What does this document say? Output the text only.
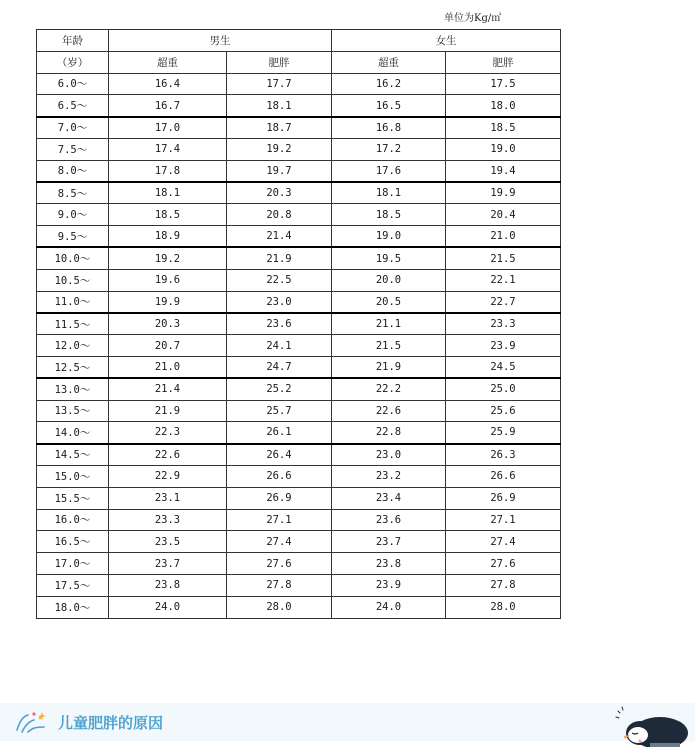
单位为Kg/㎡
年龄	男生		女生	
（岁）	超重	肥胖	超重	肥胖
6.0～	16.4	17.7	16.2	17.5
6.5～	16.7	18.1	16.5	18.0
7.0～	17.0	18.7	16.8	18.5
7.5～	17.4	19.2	17.2	19.0
8.0～	17.8	19.7	17.6	19.4
8.5～	18.1	20.3	18.1	19.9
9.0～	18.5	20.8	18.5	20.4
9.5～	18.9	21.4	19.0	21.0
10.0～	19.2	21.9	19.5	21.5
10.5～	19.6	22.5	20.0	22.1
11.0～	19.9	23.0	20.5	22.7
11.5～	20.3	23.6	21.1	23.3
12.0～	20.7	24.1	21.5	23.9
12.5～	21.0	24.7	21.9	24.5
13.0～	21.4	25.2	22.2	25.0
13.5～	21.9	25.7	22.6	25.6
14.0～	22.3	26.1	22.8	25.9
14.5～	22.6	26.4	23.0	26.3
15.0～	22.9	26.6	23.2	26.6
15.5～	23.1	26.9	23.4	26.9
16.0～	23.3	27.1	23.6	27.1
16.5～	23.5	27.4	23.7	27.4
17.0～	23.7	27.6	23.8	27.6
17.5～	23.8	27.8	23.9	27.8
18.0～	24.0	28.0	24.0	28.0
儿童肥胖的原因
